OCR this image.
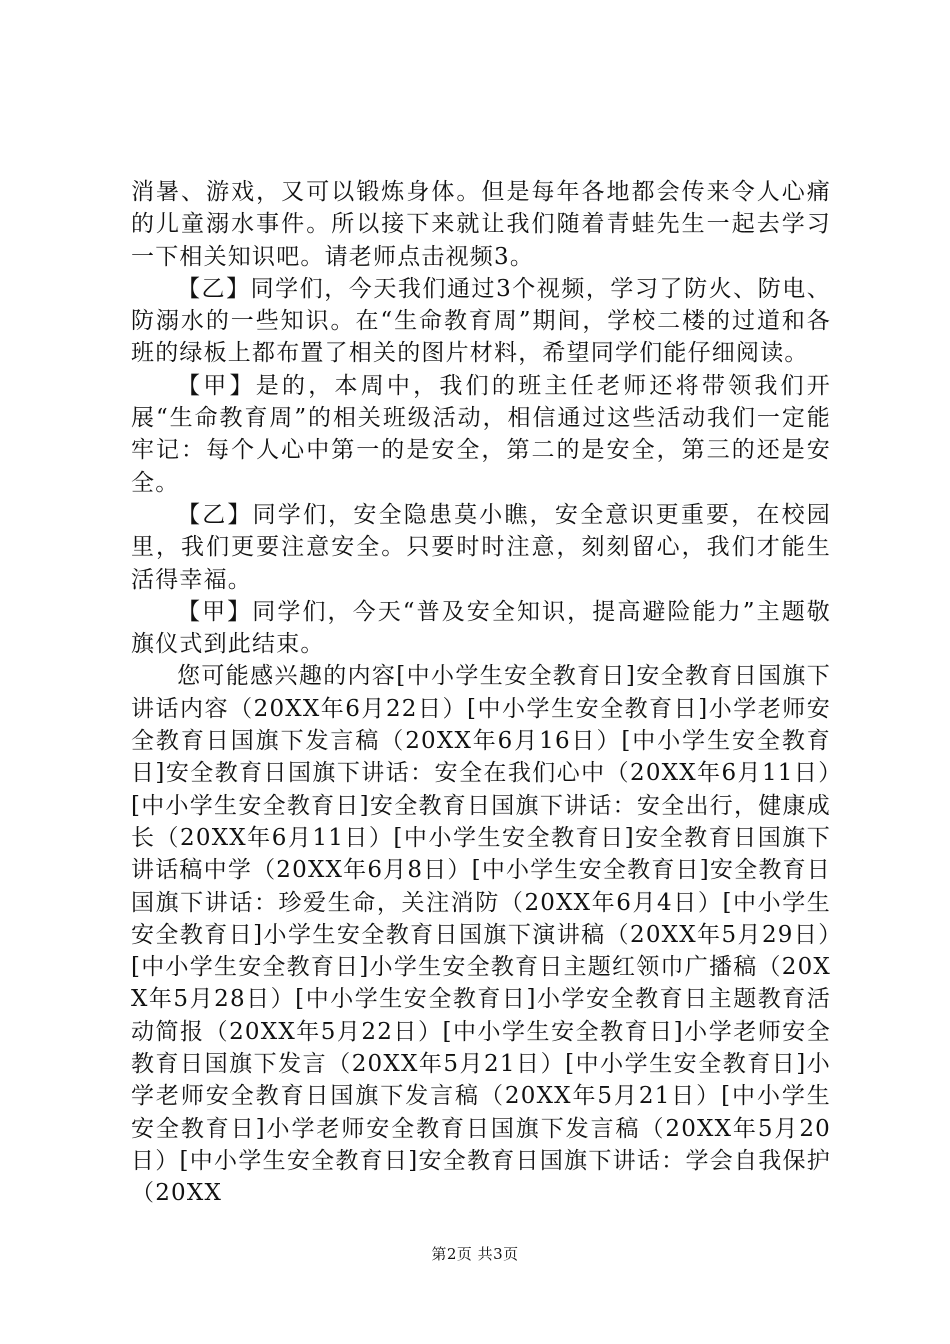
消暑、游戏，又可以锻炼身体。但是每年各地都会传来令人心痛的儿童溺水事件。所以接下来就让我们随着青蛙先生一起去学习一下相关知识吧。请老师点击视频3。

【乙】同学们，今天我们通过3个视频，学习了防火、防电、防溺水的一些知识。在“生命教育周”期间，学校二楼的过道和各班的绿板上都布置了相关的图片材料，希望同学们能仔细阅读。

【甲】是的，本周中，我们的班主任老师还将带领我们开展“生命教育周”的相关班级活动，相信通过这些活动我们一定能牢记：每个人心中第一的是安全，第二的是安全，第三的还是安全。

【乙】同学们，安全隐患莫小瞧，安全意识更重要，在校园里，我们更要注意安全。只要时时注意，刻刻留心，我们才能生活得幸福。

【甲】同学们，今天“普及安全知识，提高避险能力”主题敬旗仪式到此结束。

您可能感兴趣的内容[中小学生安全教育日]安全教育日国旗下讲话内容（20XX年6月22日）[中小学生安全教育日]小学老师安全教育日国旗下发言稿（20XX年6月16日）[中小学生安全教育日]安全教育日国旗下讲话：安全在我们心中（20XX年6月11日）[中小学生安全教育日]安全教育日国旗下讲话：安全出行，健康成长（20XX年6月11日）[中小学生安全教育日]安全教育日国旗下讲话稿中学（20XX年6月8日）[中小学生安全教育日]安全教育日国旗下讲话：珍爱生命，关注消防（20XX年6月4日）[中小学生安全教育日]小学生安全教育日国旗下演讲稿（20XX年5月29日）[中小学生安全教育日]小学生安全教育日主题红领巾广播稿（20XX年5月28日）[中小学生安全教育日]小学安全教育日主题教育活动简报（20XX年5月22日）[中小学生安全教育日]小学老师安全教育日国旗下发言（20XX年5月21日）[中小学生安全教育日]小学老师安全教育日国旗下发言稿（20XX年5月21日）[中小学生安全教育日]小学老师安全教育日国旗下发言稿（20XX年5月20日）[中小学生安全教育日]安全教育日国旗下讲话：学会自我保护（20XX

第2页 共3页
